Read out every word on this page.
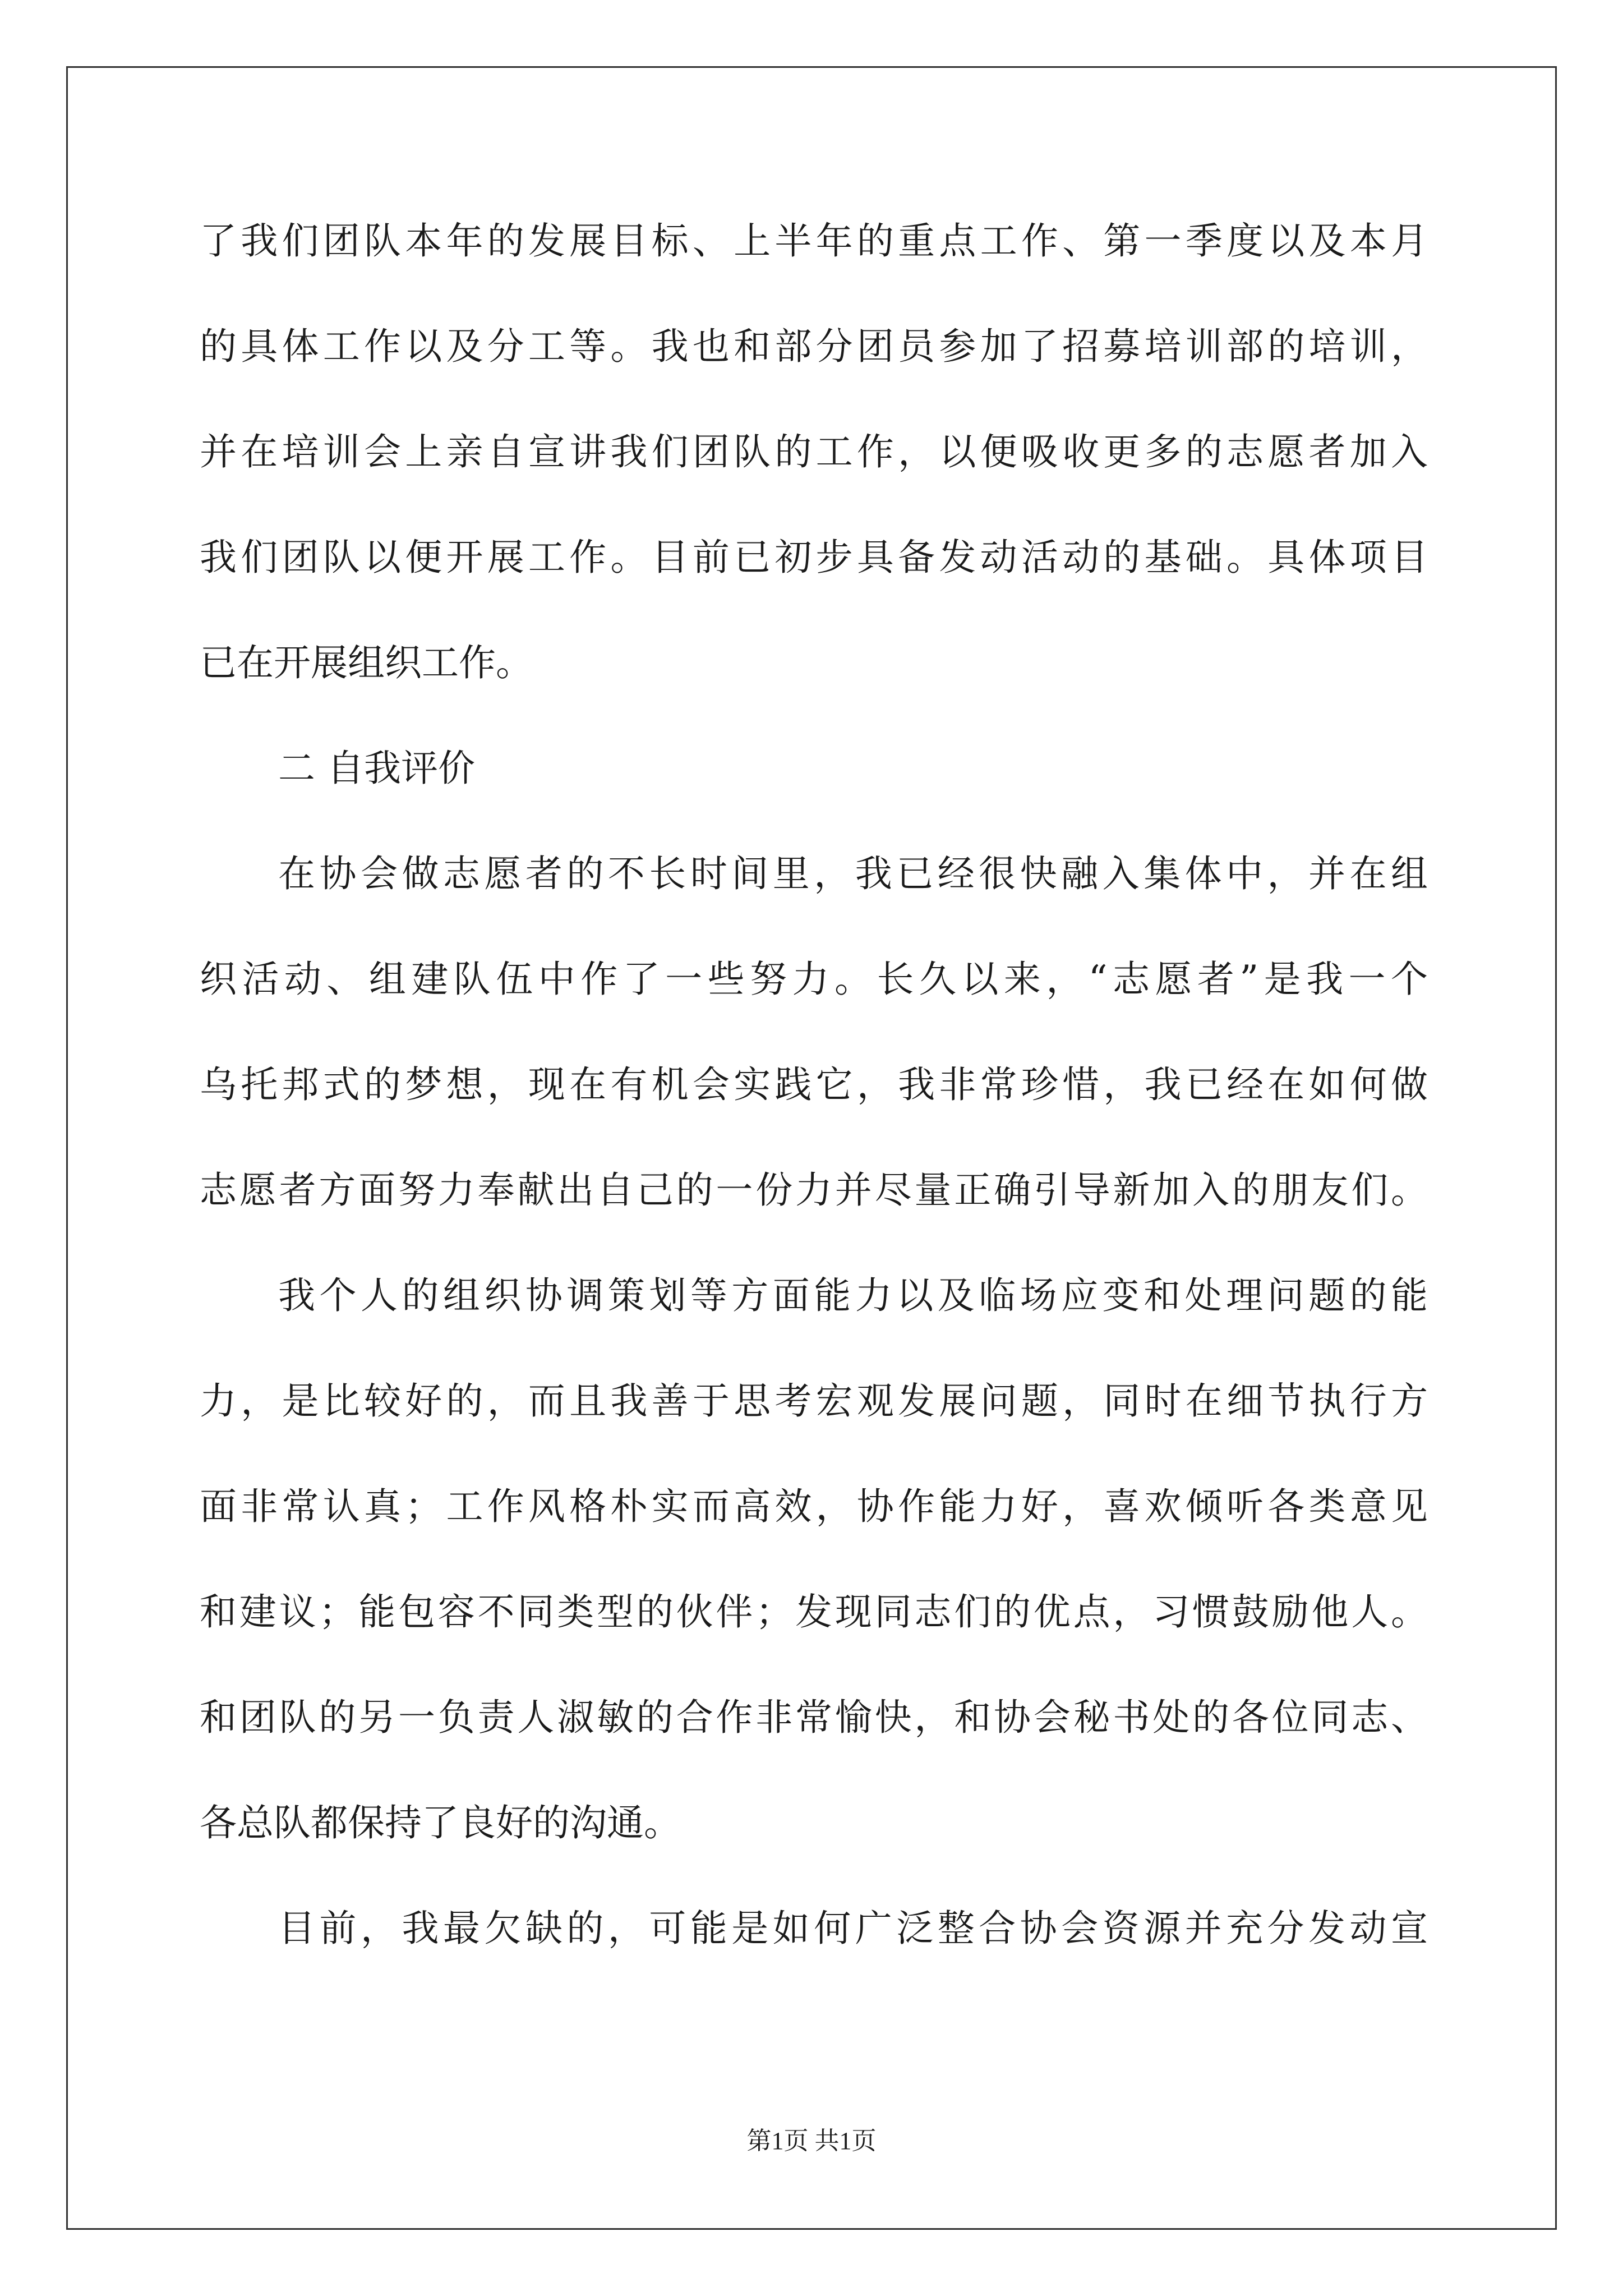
了我们团队本年的发展目标、上半年的重点工作、第一季度以及本月
的具体工作以及分工等。我也和部分团员参加了招募培训部的培训，
并在培训会上亲自宣讲我们团队的工作，以便吸收更多的志愿者加入
我们团队以便开展工作。目前已初步具备发动活动的基础。具体项目
已在开展组织工作。
二 自我评价
在协会做志愿者的不长时间里，我已经很快融入集体中，并在组
织活动、组建队伍中作了一些努力。长久以来，“志愿者”是我一个
乌托邦式的梦想，现在有机会实践它，我非常珍惜，我已经在如何做
志愿者方面努力奉献出自己的一份力并尽量正确引导新加入的朋友们。
我个人的组织协调策划等方面能力以及临场应变和处理问题的能
力，是比较好的，而且我善于思考宏观发展问题，同时在细节执行方
面非常认真；工作风格朴实而高效，协作能力好，喜欢倾听各类意见
和建议；能包容不同类型的伙伴；发现同志们的优点，习惯鼓励他人。
和团队的另一负责人淑敏的合作非常愉快，和协会秘书处的各位同志、
各总队都保持了良好的沟通。
目前，我最欠缺的，可能是如何广泛整合协会资源并充分发动宣
第1页 共1页
